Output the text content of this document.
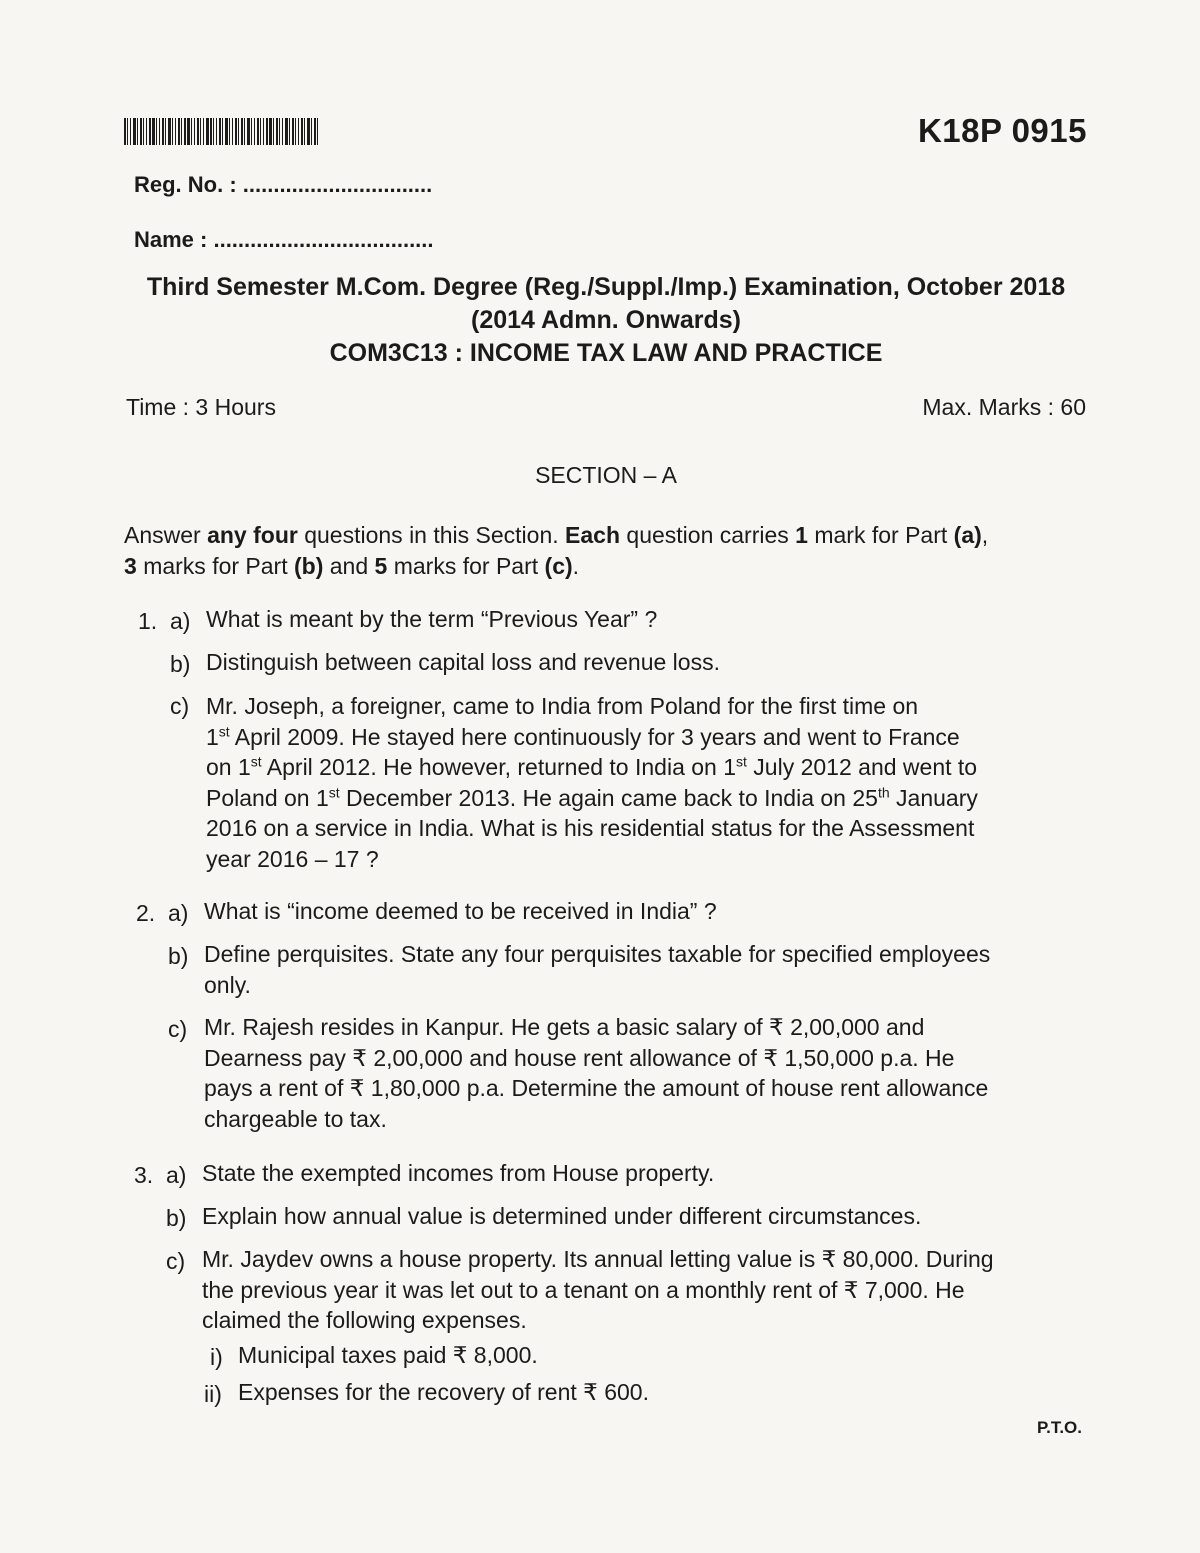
K18P 0915
Reg. No. : ...............................
Name : ....................................
Third Semester M.Com. Degree (Reg./Suppl./Imp.) Examination, October 2018
(2014 Admn. Onwards)
COM3C13 : INCOME TAX LAW AND PRACTICE
Time : 3 Hours	Max. Marks : 60
SECTION – A
Answer any four questions in this Section. Each question carries 1 mark for Part (a),
3 marks for Part (b) and 5 marks for Part (c).
1. a) What is meant by the term “Previous Year” ?
b) Distinguish between capital loss and revenue loss.
c) Mr. Joseph, a foreigner, came to India from Poland for the first time on
1st April 2009. He stayed here continuously for 3 years and went to France
on 1st April 2012. He however, returned to India on 1st July 2012 and went to
Poland on 1st December 2013. He again came back to India on 25th January
2016 on a service in India. What is his residential status for the Assessment
year 2016 – 17 ?
2. a) What is “income deemed to be received in India” ?
b) Define perquisites. State any four perquisites taxable for specified employees
only.
c) Mr. Rajesh resides in Kanpur. He gets a basic salary of ₹ 2,00,000 and
Dearness pay ₹ 2,00,000 and house rent allowance of ₹ 1,50,000 p.a. He
pays a rent of ₹ 1,80,000 p.a. Determine the amount of house rent allowance
chargeable to tax.
3. a) State the exempted incomes from House property.
b) Explain how annual value is determined under different circumstances.
c) Mr. Jaydev owns a house property. Its annual letting value is ₹ 80,000. During
the previous year it was let out to a tenant on a monthly rent of ₹ 7,000. He
claimed the following expenses.
i) Municipal taxes paid ₹ 8,000.
ii) Expenses for the recovery of rent ₹ 600.
P.T.O.
